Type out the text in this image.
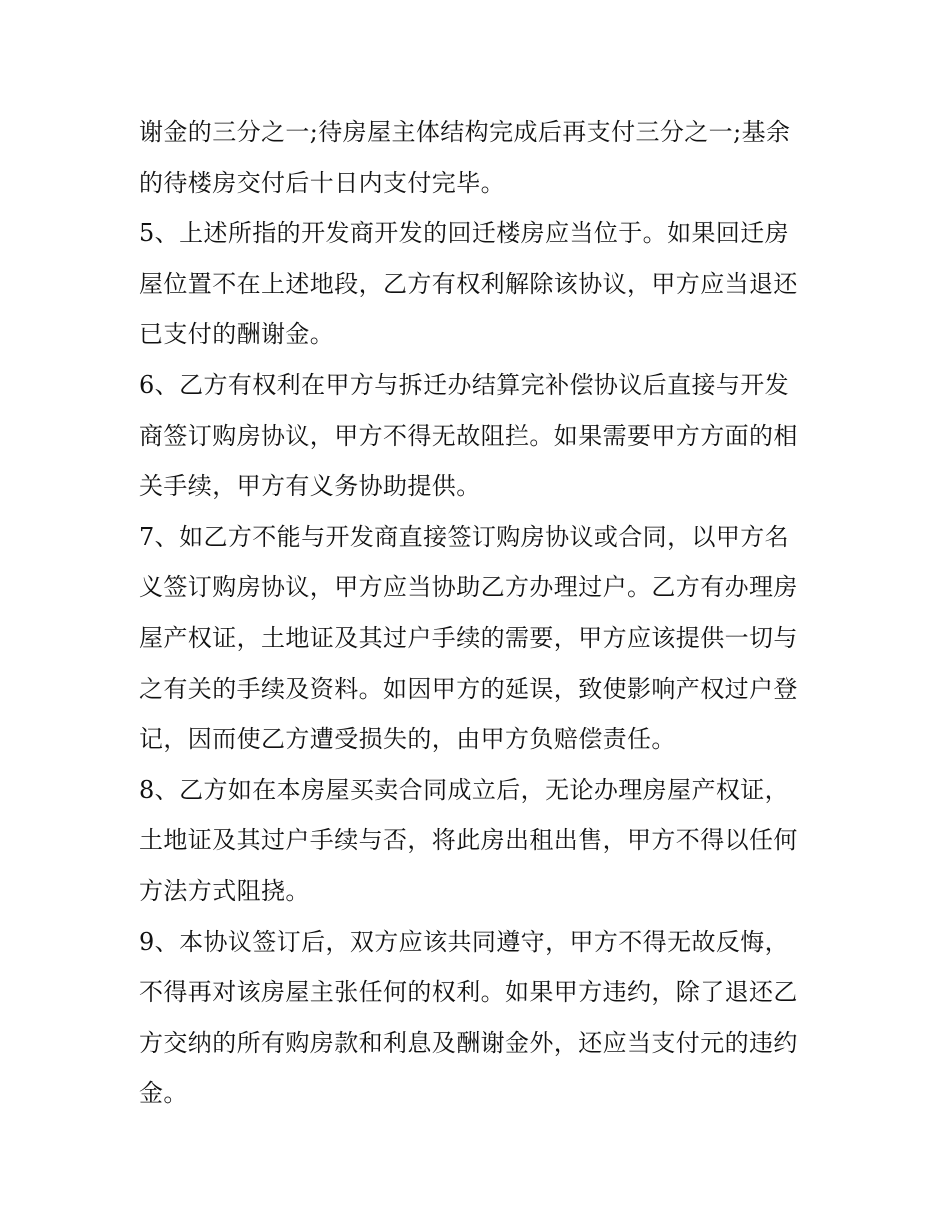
谢金的三分之一;待房屋主体结构完成后再支付三分之一;基余
的待楼房交付后十日内支付完毕。
5、上述所指的开发商开发的回迁楼房应当位于。如果回迁房
屋位置不在上述地段，乙方有权利解除该协议，甲方应当退还
已支付的酬谢金。
6、乙方有权利在甲方与拆迁办结算完补偿协议后直接与开发
商签订购房协议，甲方不得无故阻拦。如果需要甲方方面的相
关手续，甲方有义务协助提供。
7、如乙方不能与开发商直接签订购房协议或合同，以甲方名
义签订购房协议，甲方应当协助乙方办理过户。乙方有办理房
屋产权证，土地证及其过户手续的需要，甲方应该提供一切与
之有关的手续及资料。如因甲方的延误，致使影响产权过户登
记，因而使乙方遭受损失的，由甲方负赔偿责任。
8、乙方如在本房屋买卖合同成立后，无论办理房屋产权证，
土地证及其过户手续与否，将此房出租出售，甲方不得以任何
方法方式阻挠。
9、本协议签订后，双方应该共同遵守，甲方不得无故反悔，
不得再对该房屋主张任何的权利。如果甲方违约，除了退还乙
方交纳的所有购房款和利息及酬谢金外，还应当支付元的违约
金。
